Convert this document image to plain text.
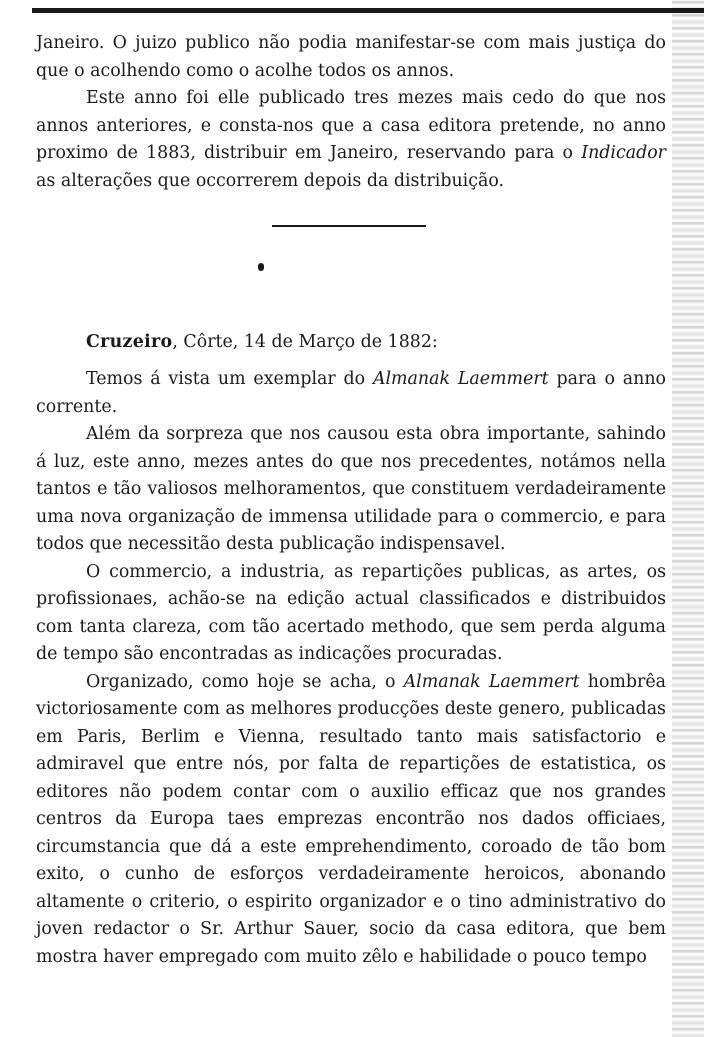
Janeiro. O juizo publico não podia manifestar-se com mais justiça do que o acolhendo como o acolhe todos os annos.

Este anno foi elle publicado tres mezes mais cedo do que nos annos anteriores, e consta-nos que a casa editora pretende, no anno proximo de 1883, distribuir em Janeiro, reservando para o Indicador as alterações que occorrerem depois da distribuição.

Cruzeiro, Côrte, 14 de Março de 1882:

Temos á vista um exemplar do Almanak Laemmert para o anno corrente.

Além da sorpreza que nos causou esta obra importante, sahindo á luz, este anno, mezes antes do que nos precedentes, notámos nella tantos e tão valiosos melhoramentos, que constituem verdadeiramente uma nova organização de immensa utilidade para o commercio, e para todos que necessitão desta publicação indispensavel.

O commercio, a industria, as repartições publicas, as artes, os profissionaes, achão-se na edição actual classificados e distribuidos com tanta clareza, com tão acertado methodo, que sem perda alguma de tempo são encontradas as indicações procuradas.

Organizado, como hoje se acha, o Almanak Laemmert hombrêa victoriosamente com as melhores producções deste genero, publicadas em Paris, Berlim e Vienna, resultado tanto mais satisfactorio e admiravel que entre nós, por falta de repartições de estatistica, os editores não podem contar com o auxilio efficaz que nos grandes centros da Europa taes emprezas encontrão nos dados officiaes, circumstancia que dá a este emprehendimento, coroado de tão bom exito, o cunho de esforços verdadeiramente heroicos, abonando altamente o criterio, o espirito organizador e o tino administrativo do joven redactor o Sr. Arthur Sauer, socio da casa editora, que bem mostra haver empregado com muito zêlo e habilidade o pouco tempo
